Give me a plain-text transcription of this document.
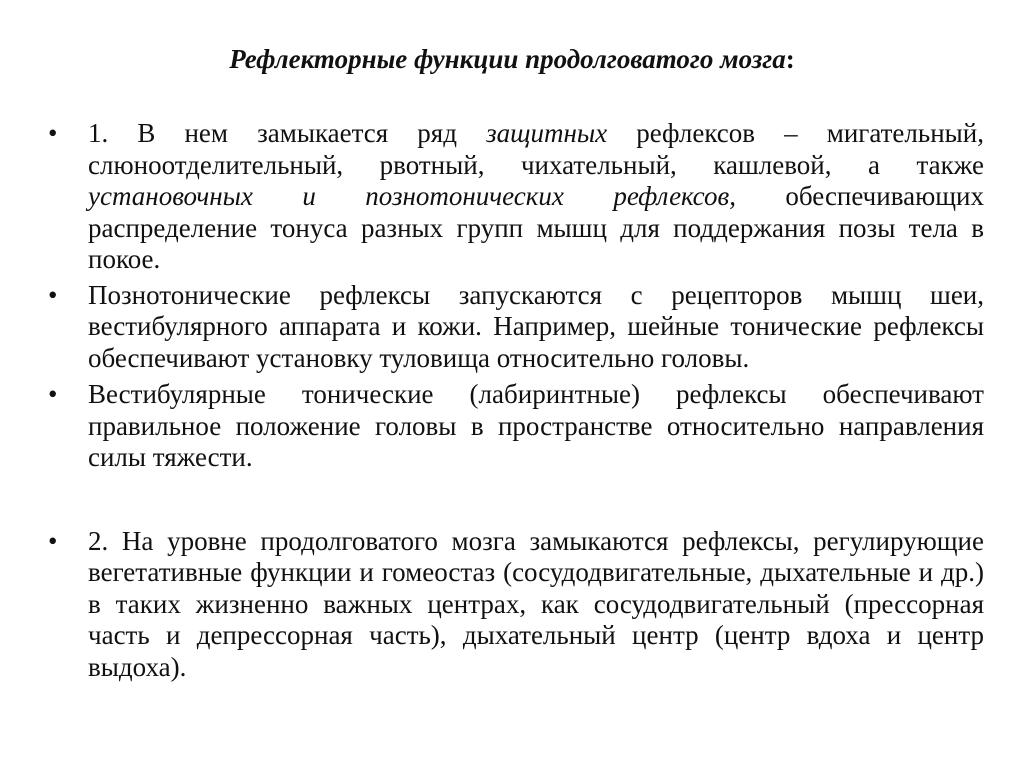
Рефлекторные функции продолговатого мозга:
• 1. В нем замыкается ряд защитных рефлексов – мигательный, слюноотделительный, рвотный, чихательный, кашлевой, а также установочных и познотонических рефлексов, обеспечивающих распределение тонуса разных групп мышц для поддержания позы тела в покое.
• Познотонические рефлексы запускаются с рецепторов мышц шеи, вестибулярного аппарата и кожи. Например, шейные тонические рефлексы обеспечивают установку туловища относительно головы.
• Вестибулярные тонические (лабиринтные) рефлексы обеспечивают правильное положение головы в пространстве относительно направления силы тяжести.
• 2. На уровне продолговатого мозга замыкаются рефлексы, регулирующие вегетативные функции и гомеостаз (сосудодвигательные, дыхательные и др.) в таких жизненно важных центрах, как сосудодвигательный (прессорная часть и депрессорная часть), дыхательный центр (центр вдоха и центр выдоха).
